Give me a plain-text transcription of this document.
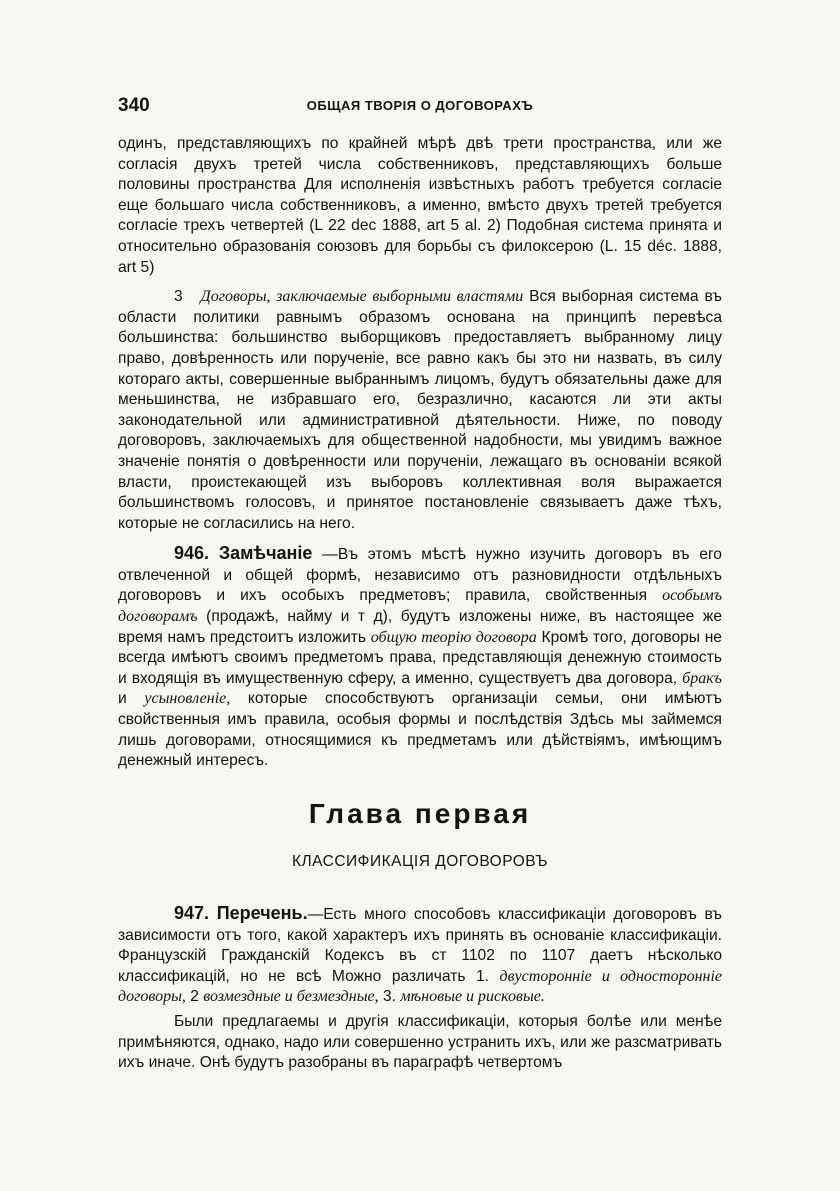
340	ОБЩАЯ ТВОРІЯ О ДОГОВОРАХЪ

одинъ, представляющихъ по крайней мѣрѣ двѣ трети пространства, или же согласія двухъ третей числа собственниковъ, представляющихъ больше половины пространства Для исполненія извѣстныхъ работъ требуется согласіе еще большаго числа собственниковъ, а именно, вмѣсто двухъ третей требуется согласіе трехъ четвертей (L 22 dec 1888, art 5 al. 2) Подобная система принята и относительно образованія союзовъ для борьбы съ филоксерою (L. 15 déc. 1888, art 5)

3 Договоры, заключаемые выборными властями Вся выборная система въ области политики равнымъ образомъ основана на принципѣ перевѣса большинства: большинство выборщиковъ предоставляетъ выбранному лицу право, довѣренность или порученіе, все равно какъ бы это ни назвать, въ силу котораго акты, совершенные выбраннымъ лицомъ, будутъ обязательны даже для меньшинства, не избравшаго его, безразлично, касаются ли эти акты законодательной или административной дѣятельности. Ниже, по поводу договоровъ, заключаемыхъ для общественной надобности, мы увидимъ важное значеніе понятія о довѣренности или порученіи, лежащаго въ основаніи всякой власти, проистекающей изъ выборовъ коллективная воля выражается большинствомъ голосовъ, и принятое постановленіе связываетъ даже тѣхъ, которые не согласились на него.

946. Замѣчаніе —Въ этомъ мѣстѣ нужно изучить договоръ въ его отвлеченной и общей формѣ, независимо отъ разновидности отдѣльныхъ договоровъ и ихъ особыхъ предметовъ; правила, свойственныя особымъ договорамъ (продажѣ, найму и т д), будутъ изложены ниже, въ настоящее же время намъ предстоитъ изложить общую теорію договора Кромѣ того, договоры не всегда имѣютъ своимъ предметомъ права, представляющія денежную стоимость и входящія въ имущественную сферу, а именно, существуетъ два договора, бракъ и усыновленіе, которые способствуютъ организаціи семьи, они имѣютъ свойственныя имъ правила, особыя формы и послѣдствія Здѣсь мы займемся лишь договорами, относящимися къ предметамъ или дѣйствіямъ, имѣющимъ денежный интересъ.

Глава первая
КЛАССИФИКАЦІЯ ДОГОВОРОВЪ

947. Перечень.—Есть много способовъ классификаціи договоровъ въ зависимости отъ того, какой характеръ ихъ принять въ основаніе классификаціи. Французскій Гражданскій Кодексъ въ ст 1102 по 1107 даетъ нѣсколько классификацій, но не всѣ Можно различать 1. двусторонніе и односторонніе договоры, 2 возмездные и безмездные, 3. мѣновые и рисковые.

Были предлагаемы и другія классификаціи, которыя болѣе или менѣе примѣняются, однако, надо или совершенно устранить ихъ, или же разсматривать ихъ иначе. Онѣ будутъ разобраны въ параграфѣ четвертомъ
